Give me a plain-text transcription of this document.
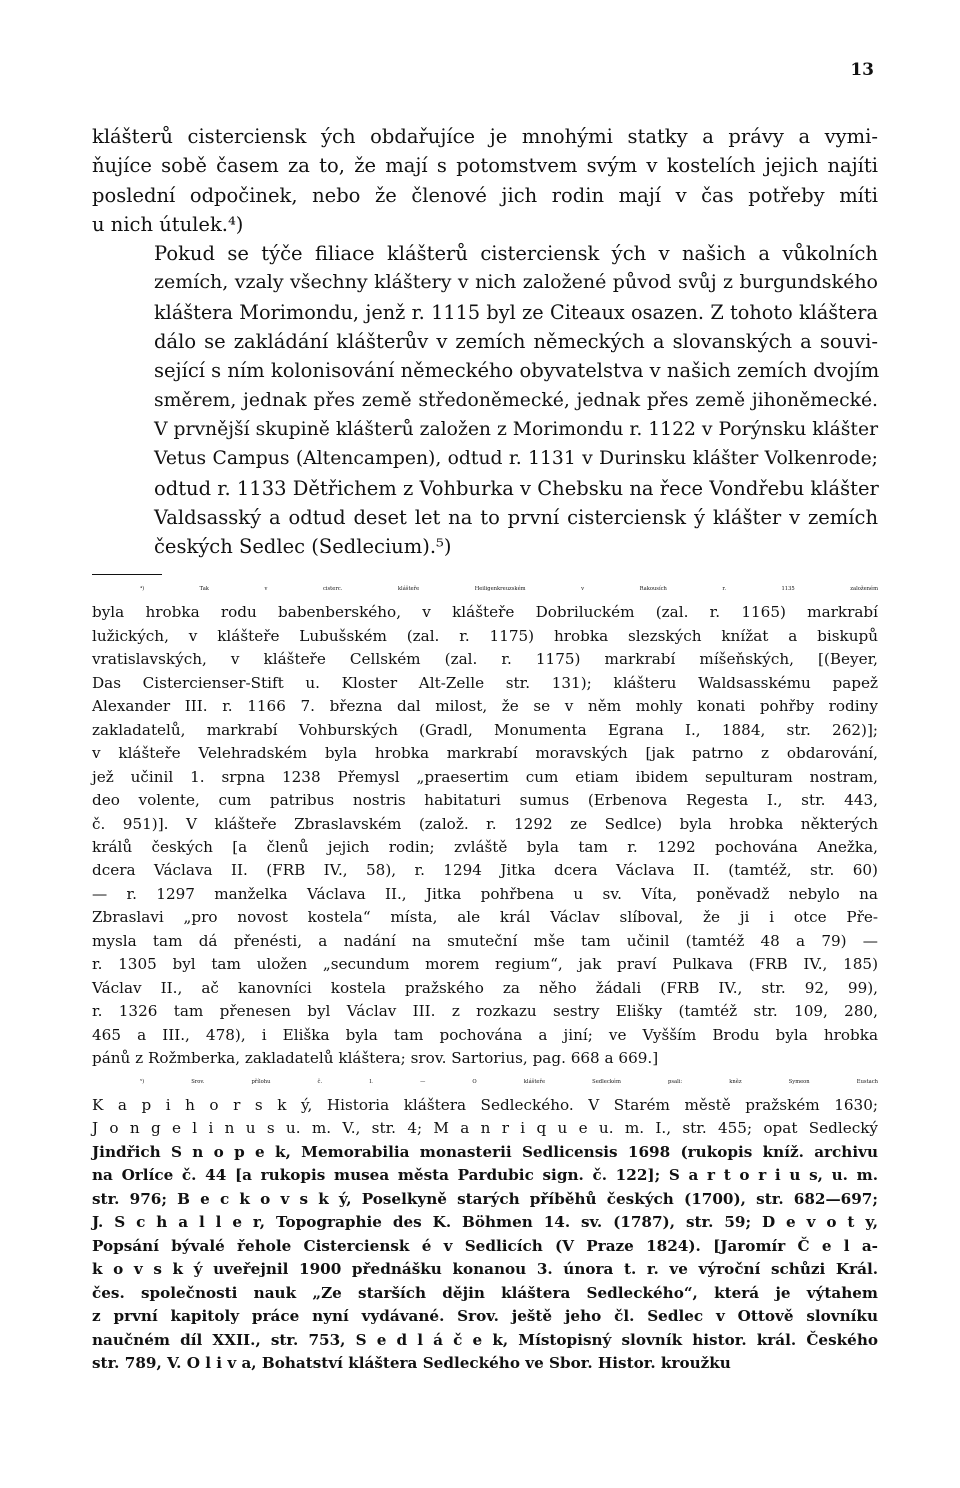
13

klášterů cisterciensk ých obdařujíce je mnohými statky a právy a vymi-
ňujíce sobě časem za to, že mají s potomstvem svým v kostelích jejich najíti
poslední odpočinek, nebo že členové jich rodin mají v čas potřeby míti
u nich útulek.⁴)

Pokud se týče filiace klášterů cisterciensk ých v našich a vůkolních
zemích, vzaly všechny kláštery v nich založené původ svůj z burgundského
kláštera Morimondu, jenž r. 1115 byl ze Citeaux osazen. Z tohoto kláštera
dálo se zakládání klášterův v zemích německých a slovanských a souvi-
sející s ním kolonisování německého obyvatelstva v našich zemích dvojím
směrem, jednak přes země středoněmecké, jednak přes země jihoněmecké.
V prvnější skupině klášterů založen z Morimondu r. 1122 v Porýnsku klášter
Vetus Campus (Altencampen), odtud r. 1131 v Durinsku klášter Volkenrode;
odtud r. 1133 Dětřichem z Vohburka v Chebsku na řece Vondřebu klášter
Valdsasský a odtud deset let na to první cisterciensk ý klášter v zemích
českých Sedlec (Sedlecium).⁵)

⁴) Tak v cisterc. klášteře Heiligenkreuzském v Rakousích r. 1135 založeném
byla hrobka rodu babenberského, v klášteře Dobriluckém (zal. r. 1165) markrabí
lužických, v klášteře Lubušském (zal. r. 1175) hrobka slezských knížat a biskupů
vratislavských, v klášteře Cellském (zal. r. 1175) markrabí míšeňských, [(Beyer,
Das Cistercienser-Stift u. Kloster Alt-Zelle str. 131); klášteru Waldsasskému papež
Alexander III. r. 1166 7. března dal milost, že se v něm mohly konati pohřby rodiny
zakladatelů, markrabí Vohburských (Gradl, Monumenta Egrana I., 1884, str. 262)];
v klášteře Velehradském byla hrobka markrabí moravských [jak patrno z obdarování,
jež učinil 1. srpna 1238 Přemysl „praesertim cum etiam ibidem sepulturam nostram,
deo volente, cum patribus nostris habitaturi sumus (Erbenova Regesta I., str. 443,
č. 951)]. V klášteře Zbraslavském (založ. r. 1292 ze Sedlce) byla hrobka některých
králů českých [a členů jejich rodin; zvláště byla tam r. 1292 pochována Anežka,
dcera Václava II. (FRB IV., 58), r. 1294 Jitka dcera Václava II. (tamtéž, str. 60)
— r. 1297 manželka Václava II., Jitka pohřbena u sv. Víta, poněvadž nebylo na
Zbraslavi „pro novost kostela“ místa, ale král Václav slíboval, že ji i otce Pře-
mysla tam dá přenésti, a nadání na smuteční mše tam učinil (tamtéž 48 a 79) —
r. 1305 byl tam uložen „secundum morem regium“, jak praví Pulkava (FRB IV., 185)
Václav II., ač kanovníci kostela pražského za něho žádali (FRB IV., str. 92, 99),
r. 1326 tam přenesen byl Václav III. z rozkazu sestry Elišky (tamtéž str. 109, 280,
465 a III., 478), i Eliška byla tam pochována a jiní; ve Vyšším Brodu byla hrobka
pánů z Rožmberka, zakladatelů kláštera; srov. Sartorius, pag. 668 a 669.]

⁵) Srov. přílohu č. I. — O klášteře Sedleckém psali: kněz Symeon Eustach
K a p i h o r s k ý, Historia kláštera Sedleckého. V Starém městě pražském 1630;
J o n g e l i n u s u. m. V., str. 4; M a n r i q u e u. m. I., str. 455; opat Sedlecký
Jindřich S n o p e k, Memorabilia monasterii Sedlicensis 1698 (rukopis kníž. archivu
na Orlíce č. 44 [a rukopis musea města Pardubic sign. č. 122]; S a r t o r i u s, u. m.
str. 976; B e c k o v s k ý, Poselkyně starých příběhů českých (1700), str. 682—697;
J. S c h a l l e r, Topographie des K. Böhmen 14. sv. (1787), str. 59; D e v o t y,
Popsání bývalé řehole Cisterciensk é v Sedlicích (V Praze 1824). [Jaromír Č e l a-
k o v s k ý uveřejnil 1900 přednášku konanou 3. února t. r. ve výroční schůzi Král.
čes. společnosti nauk „Ze starších dějin kláštera Sedleckého“, která je výtahem
z první kapitoly práce nyní vydávané. Srov. ještě jeho čl. Sedlec v Ottově slovníku
naučném díl XXII., str. 753, S e d l á č e k, Místopisný slovník histor. král. Českého
str. 789, V. O l i v a, Bohatství kláštera Sedleckého ve Sbor. Histor. kroužku
